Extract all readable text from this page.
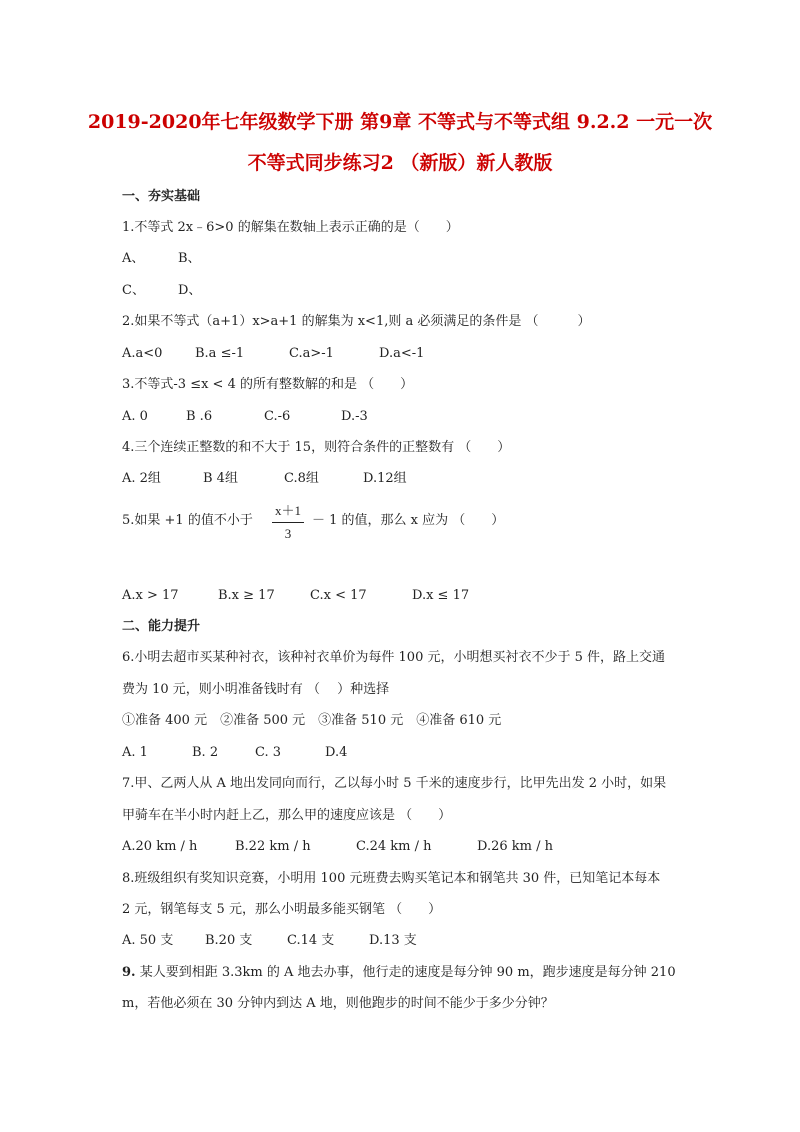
2019-2020年七年级数学下册 第9章 不等式与不等式组 9.2.2 一元一次
不等式同步练习2 （新版）新人教版
一、夯实基础
1.不等式 2x﹣6>0 的解集在数轴上表示正确的是（　　）
A、	B、
C、	D、
2.如果不等式（a+1）x>a+1 的解集为 x<1,则 a 必须满足的条件是 （　　　）
A.a<0	B.a ≤-1	C.a>-1	D.a<-1
3.不等式-3 ≤x < 4 的所有整数解的和是 （　　）
A. 0	B .6	C.-6	D.-3
4.三个连续正整数的和不大于 15，则符合条件的正整数有 （　　）
A. 2组	B 4组	C.8组	D.12组
5.如果 +1 的值不小于
x＋1
3
－ 1 的值，那么 x 应为 （　　）
A.x > 17	B.x ≥ 17	C.x < 17	D.x ≤ 17
二、能力提升
6.小明去超市买某种衬衣，该种衬衣单价为每件 100 元，小明想买衬衣不少于 5 件，路上交通
费为 10 元，则小明准备钱时有 （　 ）种选择
①准备 400 元　②准备 500 元　③准备 510 元　④准备 610 元
A. 1	B. 2	C. 3	D.4
7.甲、乙两人从 A 地出发同向而行，乙以每小时 5 千米的速度步行，比甲先出发 2 小时，如果
甲骑车在半小时内赶上乙，那么甲的速度应该是 （　　）
A.20 km / h	B.22 km / h	C.24 km / h	D.26 km / h
8.班级组织有奖知识竞赛，小明用 100 元班费去购买笔记本和钢笔共 30 件，已知笔记本每本
2 元，钢笔每支 5 元，那么小明最多能买钢笔 （　　）
A. 50 支 B.20 支	C.14 支	D.13 支
9. 某人要到相距 3.3km 的 A 地去办事，他行走的速度是每分钟 90 m，跑步速度是每分钟 210
m，若他必须在 30 分钟内到达 A 地，则他跑步的时间不能少于多少分钟？
